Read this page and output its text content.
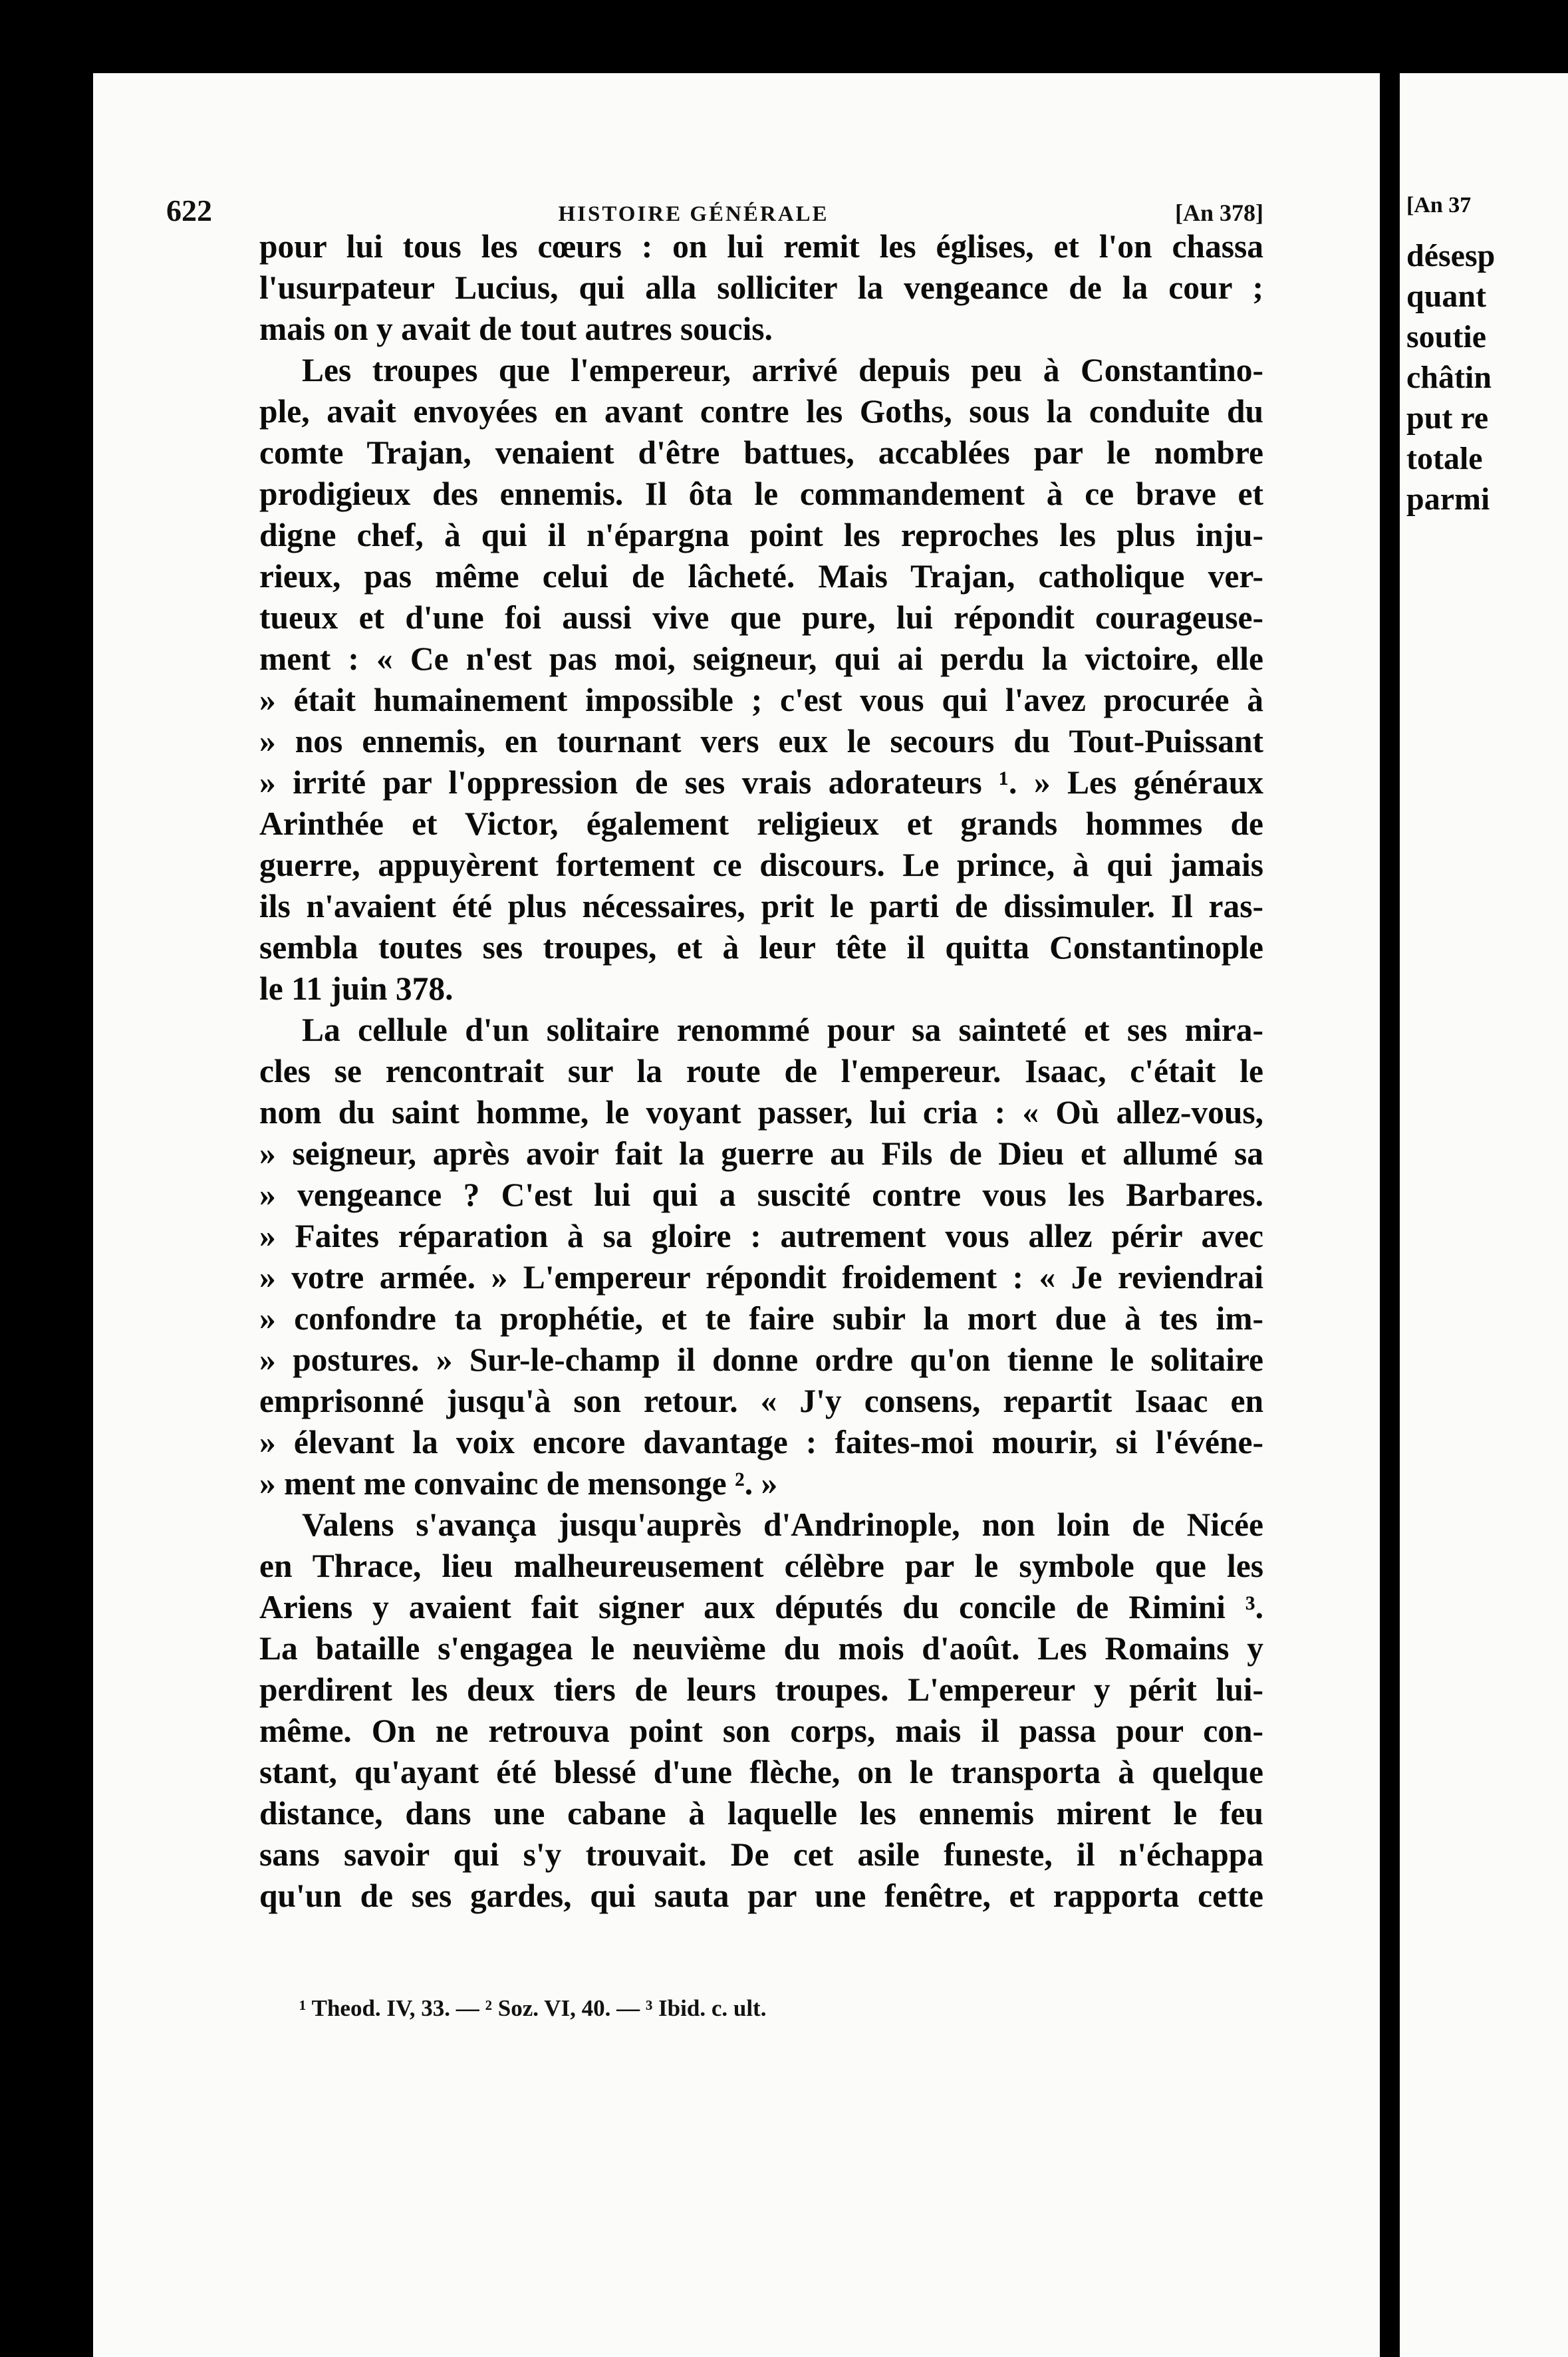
622	HISTOIRE GÉNÉRALE	[An 378]
pour lui tous les cœurs : on lui remit les églises, et l'on chassa
l'usurpateur Lucius, qui alla solliciter la vengeance de la cour ;
mais on y avait de tout autres soucis.
Les troupes que l'empereur, arrivé depuis peu à Constantino-
ple, avait envoyées en avant contre les Goths, sous la conduite du
comte Trajan, venaient d'être battues, accablées par le nombre
prodigieux des ennemis. Il ôta le commandement à ce brave et
digne chef, à qui il n'épargna point les reproches les plus inju-
rieux, pas même celui de lâcheté. Mais Trajan, catholique ver-
tueux et d'une foi aussi vive que pure, lui répondit courageuse-
ment : « Ce n'est pas moi, seigneur, qui ai perdu la victoire, elle
» était humainement impossible ; c'est vous qui l'avez procurée à
» nos ennemis, en tournant vers eux le secours du Tout-Puissant
» irrité par l'oppression de ses vrais adorateurs ¹. » Les généraux
Arinthée et Victor, également religieux et grands hommes de
guerre, appuyèrent fortement ce discours. Le prince, à qui jamais
ils n'avaient été plus nécessaires, prit le parti de dissimuler. Il ras-
sembla toutes ses troupes, et à leur tête il quitta Constantinople
le 11 juin 378.
La cellule d'un solitaire renommé pour sa sainteté et ses mira-
cles se rencontrait sur la route de l'empereur. Isaac, c'était le
nom du saint homme, le voyant passer, lui cria : « Où allez-vous,
» seigneur, après avoir fait la guerre au Fils de Dieu et allumé sa
» vengeance ? C'est lui qui a suscité contre vous les Barbares.
» Faites réparation à sa gloire : autrement vous allez périr avec
» votre armée. » L'empereur répondit froidement : « Je reviendrai
» confondre ta prophétie, et te faire subir la mort due à tes im-
» postures. » Sur-le-champ il donne ordre qu'on tienne le solitaire
emprisonné jusqu'à son retour. « J'y consens, repartit Isaac en
» élevant la voix encore davantage : faites-moi mourir, si l'événe-
» ment me convainc de mensonge ². »
Valens s'avança jusqu'auprès d'Andrinople, non loin de Nicée
en Thrace, lieu malheureusement célèbre par le symbole que les
Ariens y avaient fait signer aux députés du concile de Rimini ³.
La bataille s'engagea le neuvième du mois d'août. Les Romains y
perdirent les deux tiers de leurs troupes. L'empereur y périt lui-
même. On ne retrouva point son corps, mais il passa pour con-
stant, qu'ayant été blessé d'une flèche, on le transporta à quelque
distance, dans une cabane à laquelle les ennemis mirent le feu
sans savoir qui s'y trouvait. De cet asile funeste, il n'échappa
qu'un de ses gardes, qui sauta par une fenêtre, et rapporta cette
¹ Theod. IV, 33. — ² Soz. VI, 40. — ³ Ibid. c. ult.
[An 37
désesp
quant
soutie
châtin
put re
totale
parmi
